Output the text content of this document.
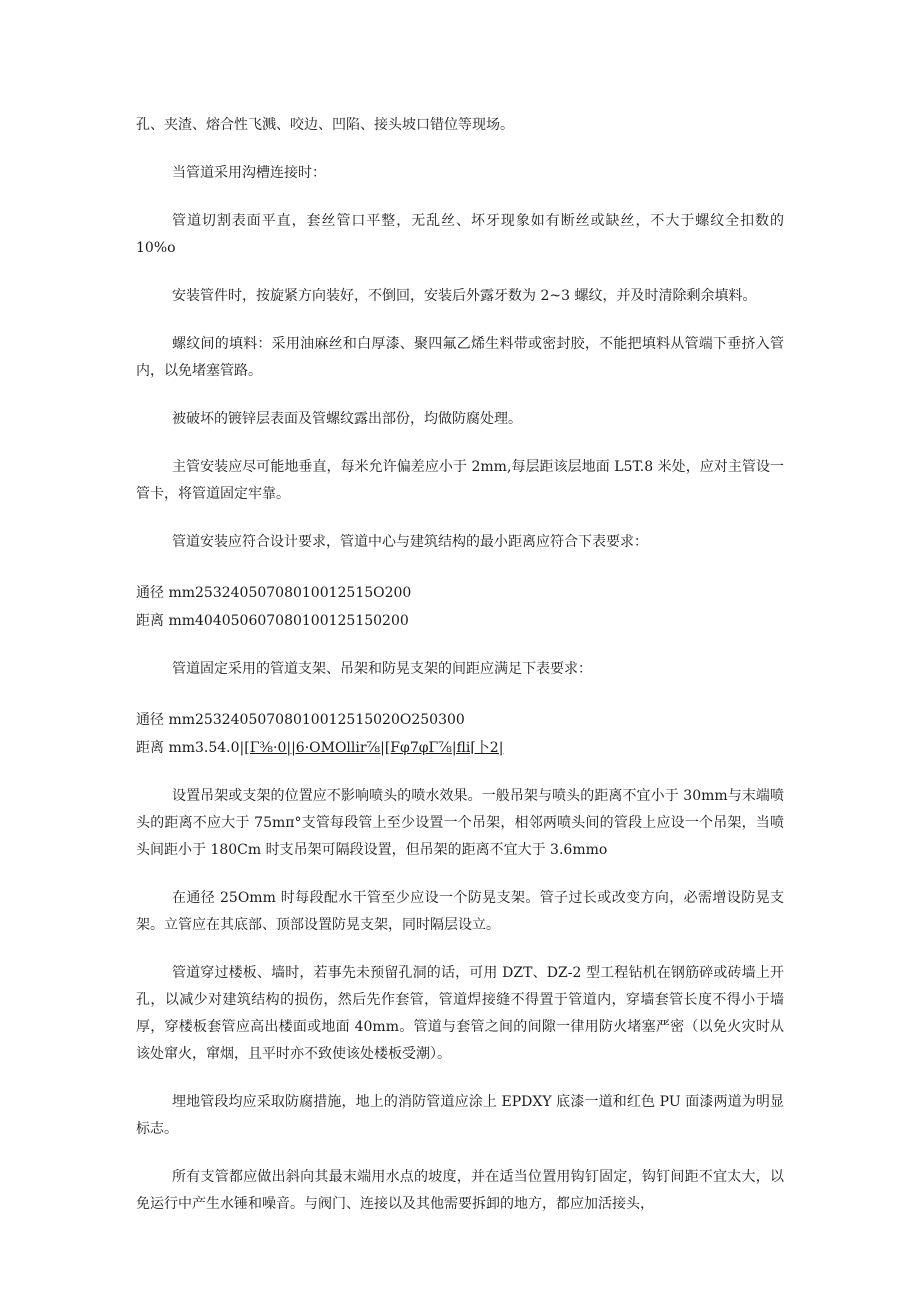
孔、夹渣、熔合性飞溅、咬边、凹陷、接头坡口错位等现场。

当管道采用沟槽连接时：

管道切割表面平直，套丝管口平整，无乱丝、坏牙现象如有断丝或缺丝，不大于螺纹全扣数的 10%o

安装管件时，按旋紧方向装好，不倒回，安装后外露牙数为 2~3 螺纹，并及时清除剩余填料。

螺纹间的填料：采用油麻丝和白厚漆、聚四氟乙烯生料带或密封胶，不能把填料从管端下垂挤入管内，以免堵塞管路。

被破坏的镀锌层表面及管螺纹露出部份，均做防腐处理。

主管安装应尽可能地垂直，每米允许偏差应小于 2mm,每层距该层地面 L5T.8 米处，应对主管设一管卡，将管道固定牢靠。

管道安装应符合设计要求，管道中心与建筑结构的最小距离应符合下表要求：

通径 mm25324050708010012515O200

距离 mm404050607080100125150200

管道固定采用的管道支架、吊架和防晃支架的间距应满足下表要求：

通径 mm25324050708010012515020O250300

距离 mm3.54.0|[Γ⅜·0||6·OMOllir⅞|[Fφ7φΓ⅞|fli⌈卜2|

设置吊架或支架的位置应不影响喷头的喷水效果。一般吊架与喷头的距离不宜小于 30mm与末端喷头的距离不应大于 75mπ°支管每段管上至少设置一个吊架，相邻两喷头间的管段上应设一个吊架，当喷头间距小于 180Cm 时支吊架可隔段设置，但吊架的距离不宜大于 3.6mmo

在通径 25Omm 时每段配水干管至少应设一个防晃支架。管子过长或改变方向，必需增设防晃支架。立管应在其底部、顶部设置防晃支架，同时隔层设立。

管道穿过楼板、墙时，若事先未预留孔洞的话，可用 DZT、DZ-2 型工程钻机在钢筋碎或砖墙上开孔，以减少对建筑结构的损伤，然后先作套管，管道焊接缝不得置于管道内，穿墙套管长度不得小于墙厚，穿楼板套管应高出楼面或地面 40mm。管道与套管之间的间隙一律用防火堵塞严密（以免火灾时从该处窜火，窜烟，且平时亦不致使该处楼板受潮）。

埋地管段均应采取防腐措施，地上的消防管道应涂上 EPDXY 底漆一道和红色 PU 面漆两道为明显标志。

所有支管都应做出斜向其最末端用水点的坡度，并在适当位置用钩钉固定，钩钉间距不宜太大，以免运行中产生水锤和噪音。与阀门、连接以及其他需要拆卸的地方，都应加活接头，
